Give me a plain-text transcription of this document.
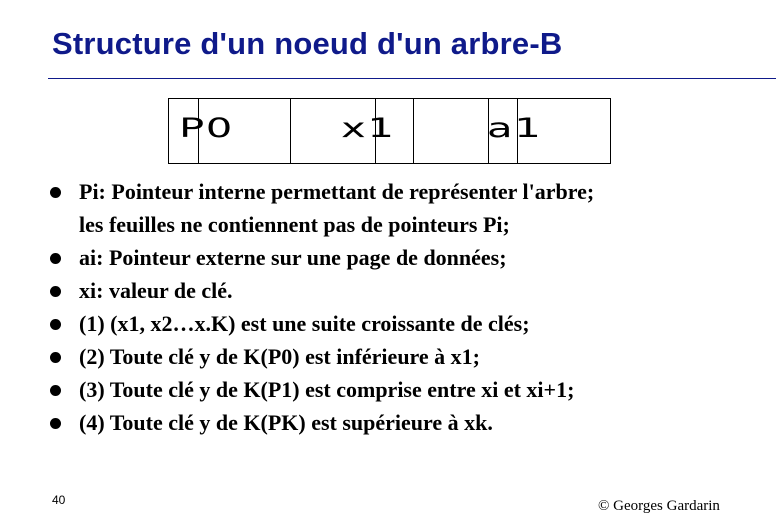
Structure d'un noeud d'un arbre-B
P0	x1	a1
Pi: Pointeur interne permettant de représenter l'arbre;
les feuilles ne contiennent pas de pointeurs Pi;
ai: Pointeur externe sur une page de données;
xi: valeur de clé.
(1) (x1, x2…x.K) est une suite croissante de clés;
(2) Toute clé y de K(P0) est inférieure à x1;
(3) Toute clé y de K(P1) est comprise entre xi et xi+1;
(4) Toute clé y de K(PK) est supérieure à xk.
40	© Georges Gardarin
